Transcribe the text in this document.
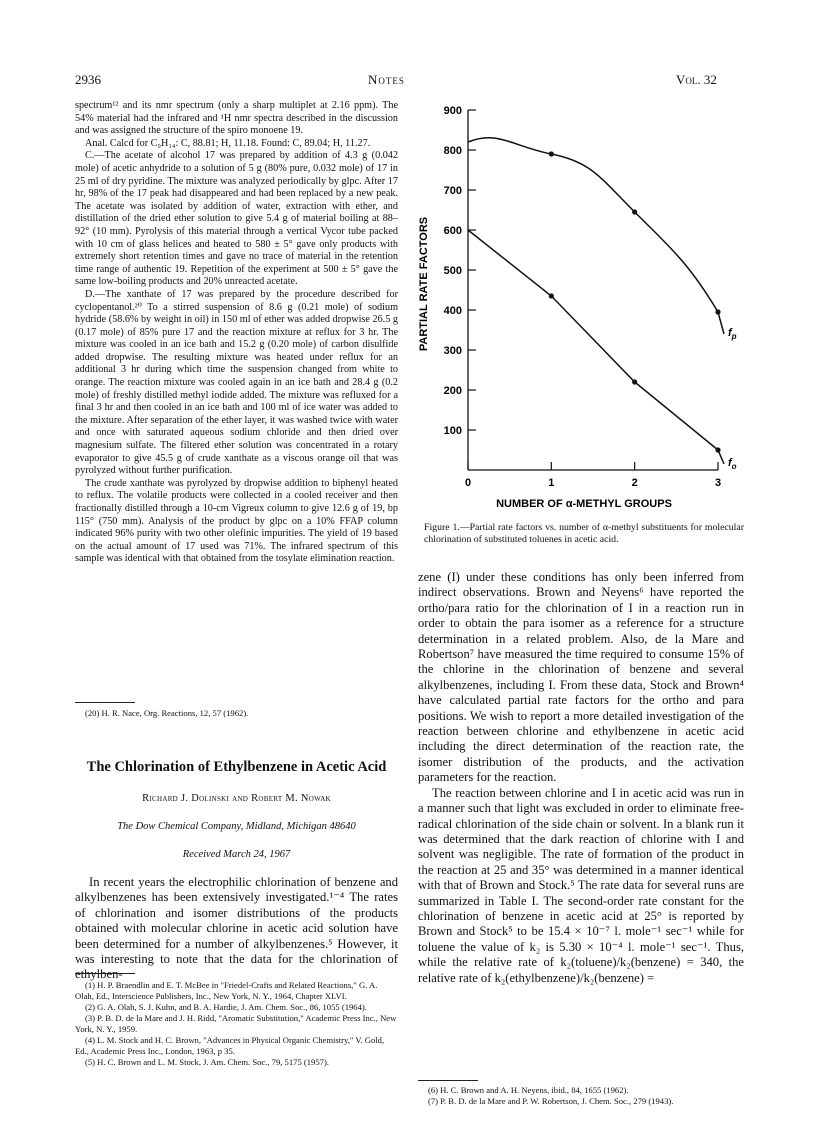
2936	Notes	Vol. 32

spectrum¹² and its nmr spectrum (only a sharp multiplet at 2.16 ppm). The 54% material had the infrared and ¹H nmr spectra described in the discussion and was assigned the structure of the spiro monoene 19.

Anal. Calcd for C₉H₁₄: C, 88.81; H, 11.18. Found: C, 89.04; H, 11.27.

C.—The acetate of alcohol 17 was prepared by addition of 4.3 g (0.042 mole) of acetic anhydride to a solution of 5 g (80% pure, 0.032 mole) of 17 in 25 ml of dry pyridine. The mixture was analyzed periodically by glpc. After 17 hr, 98% of the 17 peak had disappeared and had been replaced by a new peak. The acetate was isolated by addition of water, extraction with ether, and distillation of the dried ether solution to give 5.4 g of material boiling at 88–92° (10 mm). Pyrolysis of this material through a vertical Vycor tube packed with 10 cm of glass helices and heated to 580 ± 5° gave only products with extremely short retention times and gave no trace of material in the retention time range of authentic 19. Repetition of the experiment at 500 ± 5° gave the same low-boiling products and 20% unreacted acetate.

D.—The xanthate of 17 was prepared by the procedure described for cyclopentanol.²⁰ To a stirred suspension of 8.6 g (0.21 mole) of sodium hydride (58.6% by weight in oil) in 150 ml of ether was added dropwise 26.5 g (0.17 mole) of 85% pure 17 and the reaction mixture at reflux for 3 hr. The mixture was cooled in an ice bath and 15.2 g (0.20 mole) of carbon disulfide added dropwise. The resulting mixture was heated under reflux for an additional 3 hr during which time the suspension changed from white to orange. The reaction mixture was cooled again in an ice bath and 28.4 g (0.2 mole) of freshly distilled methyl iodide added. The mixture was refluxed for a final 3 hr and then cooled in an ice bath and 100 ml of ice water was added to the mixture. After separation of the ether layer, it was washed twice with water and once with saturated aqueous sodium chloride and then dried over magnesium sulfate. The filtered ether solution was concentrated in a rotary evaporator to give 45.5 g of crude xanthate as a viscous orange oil that was pyrolyzed without further purification.

The crude xanthate was pyrolyzed by dropwise addition to biphenyl heated to reflux. The volatile products were collected in a cooled receiver and then fractionally distilled through a 10-cm Vigreux column to give 12.6 g of 19, bp 115° (750 mm). Analysis of the product by glpc on a 10% FFAP column indicated 96% purity with two other olefinic impurities. The yield of 19 based on the actual amount of 17 used was 71%. The infrared spectrum of this sample was identical with that obtained from the tosylate elimination reaction.

(20) H. R. Nace, Org. Reactions, 12, 57 (1962).
The Chlorination of Ethylbenzene in Acetic Acid
Richard J. Dolinski and Robert M. Nowak
The Dow Chemical Company, Midland, Michigan 48640
Received March 24, 1967

In recent years the electrophilic chlorination of benzene and alkylbenzenes has been extensively investigated.¹⁻⁴ The rates of chlorination and isomer distributions of the products obtained with molecular chlorine in acetic acid solution have been determined for a number of alkylbenzenes.⁵ However, it was interesting to note that the data for the chlorination of ethylben-

(1) H. P. Braendlin and E. T. McBee in "Friedel-Crafts and Related Reactions," G. A. Olah, Ed., Interscience Publishers, Inc., New York, N. Y., 1964, Chapter XLVI.

(2) G. A. Olah, S. J. Kuhn, and B. A. Hardie, J. Am. Chem. Soc., 86, 1055 (1964).

(3) P. B. D. de la Mare and J. H. Ridd, "Aromatic Substitution," Academic Press Inc., New York, N. Y., 1959.

(4) L. M. Stock and H. C. Brown, "Advances in Physical Organic Chemistry," V. Gold, Ed., Academic Press Inc., London, 1963, p 35.

(5) H. C. Brown and L. M. Stock, J. Am. Chem. Soc., 79, 5175 (1957).

100
200
300
400
500
600
700
800
900
0	1	2	3
$f_p$
$f_o$
PARTIAL RATE FACTORS
NUMBER OF α-METHYL GROUPS
Figure 1.—Partial rate factors vs. number of α-methyl substituents for molecular chlorination of substituted toluenes in acetic acid.

zene (I) under these conditions has only been inferred from indirect observations. Brown and Neyens⁶ have reported the ortho/para ratio for the chlorination of I in a reaction run in order to obtain the para isomer as a reference for a structure determination in a related problem. Also, de la Mare and Robertson⁷ have measured the time required to consume 15% of the chlorine in the chlorination of benzene and several alkylbenzenes, including I. From these data, Stock and Brown⁴ have calculated partial rate factors for the ortho and para positions. We wish to report a more detailed investigation of the reaction between chlorine and ethylbenzene in acetic acid including the direct determination of the reaction rate, the isomer distribution of the products, and the activation parameters for the reaction.

The reaction between chlorine and I in acetic acid was run in a manner such that light was excluded in order to eliminate free-radical chlorination of the side chain or solvent. In a blank run it was determined that the dark reaction of chlorine with I and solvent was negligible. The rate of formation of the product in the reaction at 25 and 35° was determined in a manner identical with that of Brown and Stock.⁵ The rate data for several runs are summarized in Table I. The second-order rate constant for the chlorination of benzene in acetic acid at 25° is reported by Brown and Stock⁵ to be 15.4 × 10⁻⁷ l. mole⁻¹ sec⁻¹ while for toluene the value of k₂ is 5.30 × 10⁻⁴ l. mole⁻¹ sec⁻¹. Thus, while the relative rate of k₂(toluene)/k₂(benzene) = 340, the relative rate of k₂(ethylbenzene)/k₂(benzene) =

(6) H. C. Brown and A. H. Neyens, ibid., 84, 1655 (1962).

(7) P. B. D. de la Mare and P. W. Robertson, J. Chem. Soc., 279 (1943).
